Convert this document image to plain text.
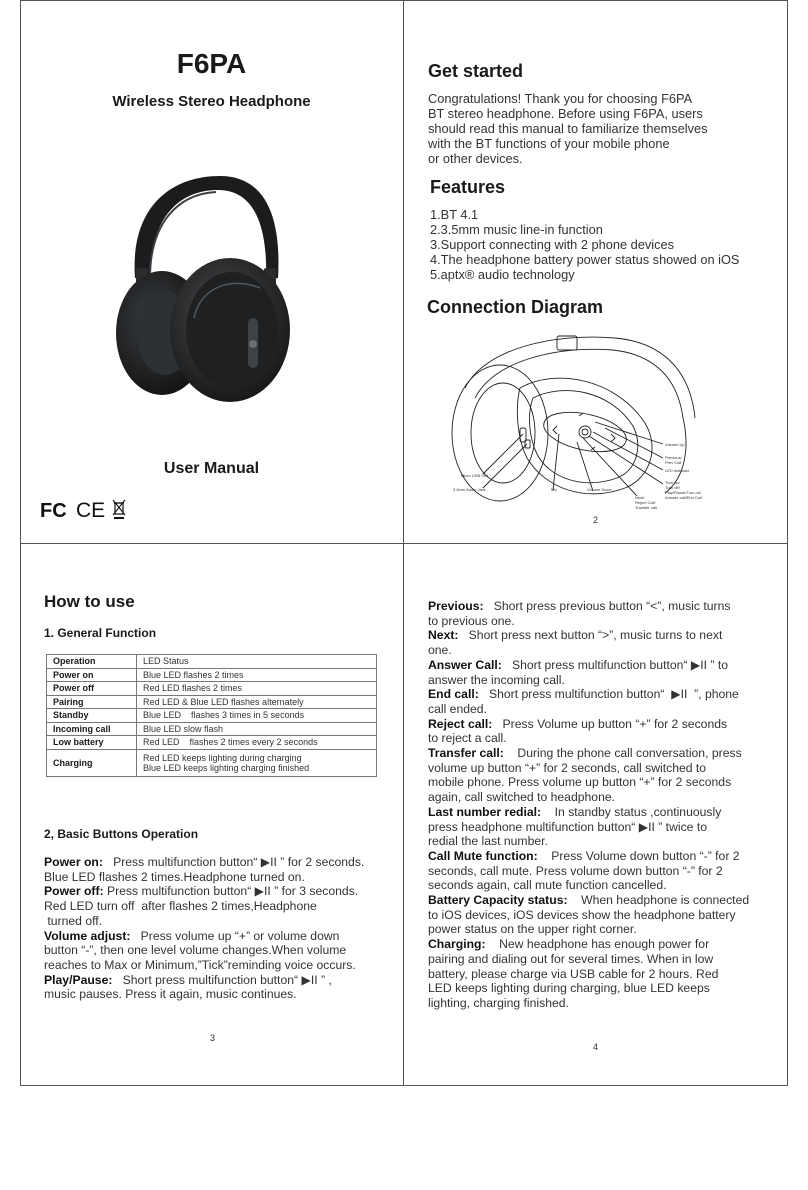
F6PA
Wireless Stereo Headphone
User Manual
FC CE
Get started
Congratulations! Thank you for choosing F6PA
BT stereo headphone. Before using F6PA, users
should read this manual to familiarize themselves
with the BT functions of your mobile phone
or other devices.
Features
1.BT 4.1
2.3.5mm music line-in function
3.Support connecting with 2 phone devices
4.The headphone battery power status showed on iOS
5.aptx® audio technology
Connection Diagram
Volume Up
Previous/
Prev Call
LED Indicator
Turn on/
Turn off/
Play/Pause/Turn on/
Answer call/End Call
Next/
Reject Call/
Transfer call
Volume Down
Mic
Micro USB Slot
3.5mm Audio Jack
2
How to use
1. General Function
Operation	LED Status
Power on	Blue LED flashes 2 times
Power off	Red LED flashes 2 times
Pairing	Red LED & Blue LED flashes alternately
Standby	Blue LED    flashes 3 times in 5 seconds
Incoming call	Blue LED slow flash
Low battery	Red LED    flashes 2 times every 2 seconds
Charging	Red LED keeps lighting during charging
Blue LED keeps lighting charging finished
2, Basic Buttons Operation
Power on: Press multifunction button“ ▶II ” for 2 seconds.
Blue LED flashes 2 times.Headphone turned on.
Power off: Press multifunction button“ ▶II ” for 3 seconds.
Red LED turn off  after flashes 2 times,Headphone
turned off.
Volume adjust: Press volume up “+” or volume down
button “-”, then one level volume changes.When volume
reaches to Max or Minimum,”Tick”reminding voice occurs.
Play/Pause: Short press multifunction button“ ▶II ” ,
music pauses. Press it again, music continues.
3
Previous: Short press previous button “<”, music turns
to previous one.
Next: Short press next button “>”, music turns to next
one.
Answer Call: Short press multifunction button“ ▶II ” to
answer the incoming call.
End call: Short press multifunction button“  ▶II  ”, phone
call ended.
Reject call: Press Volume up button “+” for 2 seconds
to reject a call.
Transfer call: During the phone call conversation, press
volume up button “+” for 2 seconds, call switched to
mobile phone. Press volume up button “+” for 2 seconds
again, call switched to headphone.
Last number redial: In standby status ,continuously
press headphone multifunction button“ ▶II ” twice to
redial the last number.
Call Mute function: Press Volume down button “-” for 2
seconds, call mute. Press volume down button “-” for 2
seconds again, call mute function cancelled.
Battery Capacity status: When headphone is connected
to iOS devices, iOS devices show the headphone battery
power status on the upper right corner.
Charging: New headphone has enough power for
pairing and dialing out for several times. When in low
battery, please charge via USB cable for 2 hours. Red
LED keeps lighting during charging, blue LED keeps
lighting, charging finished.
4
